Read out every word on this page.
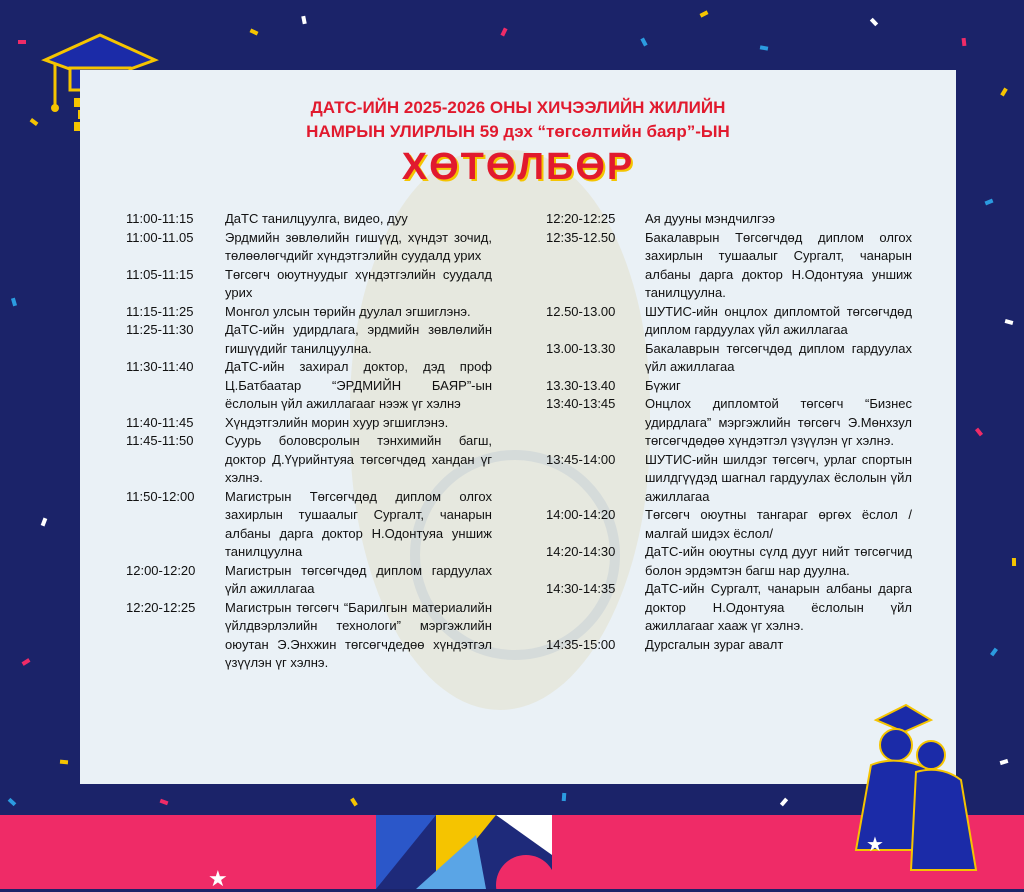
ДАТС-ИЙН 2025-2026 ОНЫ ХИЧЭЭЛИЙН ЖИЛИЙН
НАМРЫН УЛИРЛЫН 59 дэх “төгсөлтийн баяр”-ЫН
ХӨТӨЛБӨР
11:00-11:15	ДаТС танилцуулга, видео, дуу
11:00-11.05	Эрдмийн зөвлөлийн гишүүд, хүндэт зочид, төлөөлөгчдийг хүндэтгэлийн суудалд урих
11:05-11:15	Төгсөгч оюутнуудыг хүндэтгэлийн суудалд урих
11:15-11:25	Монгол улсын төрийн дуулал эгшиглэнэ.
11:25-11:30	ДаТС-ийн удирдлага, эрдмийн зөвлөлийн гишүүдийг танилцуулна.
11:30-11:40	ДаТС-ийн захирал доктор, дэд проф Ц.Батбаатар “ЭРДМИЙН БАЯР”-ын ёслолын үйл ажиллагааг нээж үг хэлнэ
11:40-11:45	Хүндэтгэлийн морин хуур эгшиглэнэ.
11:45-11:50	Суурь боловсролын тэнхимийн багш, доктор Д.Үүрийнтуяа төгсөгчдөд хандан үг хэлнэ.
11:50-12:00	Магистрын Төгсөгчдөд диплом олгох захирлын тушаалыг Сургалт, чанарын албаны дарга доктор Н.Одонтуяа уншиж танилцуулна
12:00-12:20	Магистрын төгсөгчдөд диплом гардуулах үйл ажиллагаа
12:20-12:25	Магистрын төгсөгч “Барилгын материалийн үйлдвэрлэлийн технологи” мэргэжлийн оюутан Э.Энхжин төгсөгчдедөө хүндэтгэл үзүүлэн үг хэлнэ.
12:20-12:25	Ая дууны мэндчилгээ
12:35-12.50	Бакалаврын Төгсөгчдөд диплом олгох захирлын тушаалыг Сургалт, чанарын албаны дарга доктор Н.Одонтуяа уншиж танилцуулна.
12.50-13.00	ШУТИС-ийн онцлох дипломтой төгсөгчдөд диплом гардуулах үйл ажиллагаа
13.00-13.30	Бакалаврын төгсөгчдөд диплом гардуулах үйл ажиллагаа
13.30-13.40	Бүжиг
13:40-13:45	Онцлох дипломтой төгсөгч “Бизнес удирдлага” мэргэжлийн төгсөгч Э.Мөнхзул төгсөгчдөдөө хүндэтгэл үзүүлэн үг хэлнэ.
13:45-14:00	ШУТИС-ийн шилдэг төгсөгч, урлаг спортын шилдгүүдэд шагнал гардуулах ёслолын үйл ажиллагаа
14:00-14:20	Төгсөгч оюутны тангараг өргөх ёслол /малгай шидэх ёслол/
14:20-14:30	ДаТС-ийн оюутны сүлд дууг нийт төгсөгчид болон эрдэмтэн багш нар дуулна.
14:30-14:35	ДаТС-ийн Сургалт, чанарын албаны дарга доктор Н.Одонтуяа ёслолын үйл ажиллагааг хааж үг хэлнэ.
14:35-15:00	Дурсгалын зураг авалт
★
★
